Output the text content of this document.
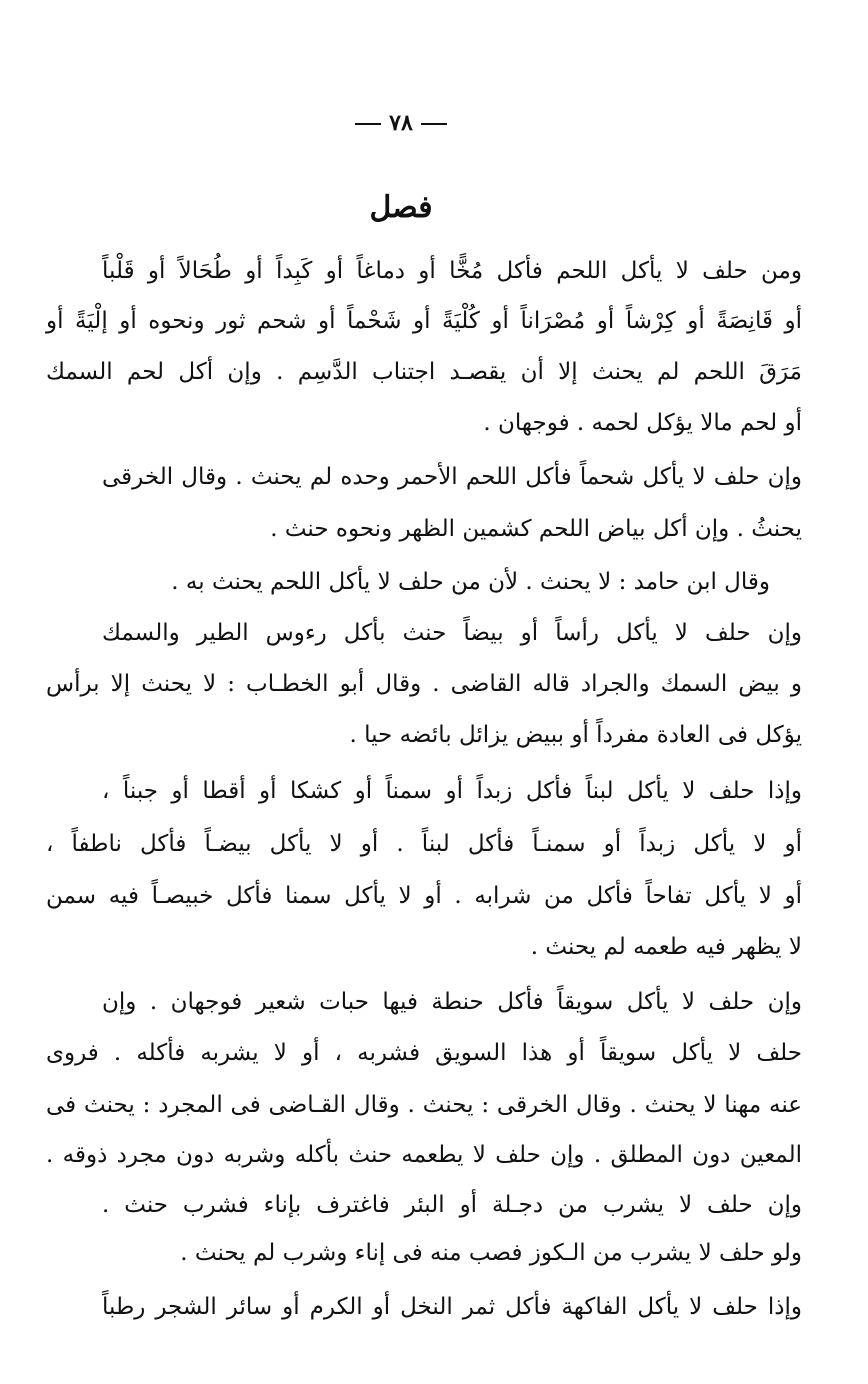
٧٨
فصل
ومن حلف لا يأكل اللحم فأكل مُخًّا أو دماغاً أو كَبِداً أو طُحَالاً أو قَلْباً
أو قَانِصَةً أو كِرْشاً أو مُصْرَاناً أو كُلْيَةً أو شَحْماً أو شحم ثور ونحوه أو إلْيَةً أو
مَرَقَ اللحم لم يحنث إلا أن يقصـد اجتناب الدَّسِم . وإن أكل لحم السمك
أو لحم مالا يؤكل لحمه . فوجهان .
وإن حلف لا يأكل شحماً فأكل اللحم الأحمر وحده لم يحنث . وقال الخرقى
يحنثُ . وإن أكل بياض اللحم كشمين الظهر ونحوه حنث .
وقال ابن حامد : لا يحنث . لأن من حلف لا يأكل اللحم يحنث به .
وإن حلف لا يأكل رأساً أو بيضاً حنث بأكل رءوس الطير والسمك
و بيض السمك والجراد قاله القاضى . وقال أبو الخطـاب : لا يحنث إلا برأس
يؤكل فى العادة مفرداً أو ببيض يزائل بائضه حيا .
وإذا حلف لا يأكل لبناً فأكل زبداً أو سمناً أو كشكا أو أقطا أو جبناً ،
أو لا يأكل زبداً أو سمنـاً فأكل لبناً . أو لا يأكل بيضـاً فأكل ناطفاً ،
أو لا يأكل تفاحاً فأكل من شرابه . أو لا يأكل سمنا فأكل خبيصـاً فيه سمن
لا يظهر فيه طعمه لم يحنث .
وإن حلف لا يأكل سويقاً فأكل حنطة فيها حبات شعير فوجهان . وإن
حلف لا يأكل سويقاً أو هذا السويق فشربه ، أو لا يشربه فأكله . فروى
عنه مهنا لا يحنث . وقال الخرقى : يحنث . وقال القـاضى فى المجرد : يحنث فى
المعين دون المطلق . وإن حلف لا يطعمه حنث بأكله وشربه دون مجرد ذوقه .
وإن حلف لا يشرب من دجـلة أو البئر فاغترف بإناء فشرب حنث .
ولو حلف لا يشرب من الـكوز فصب منه فى إناء وشرب لم يحنث .
وإذا حلف لا يأكل الفاكهة فأكل ثمر النخل أو الكرم أو سائر الشجر رطباً
